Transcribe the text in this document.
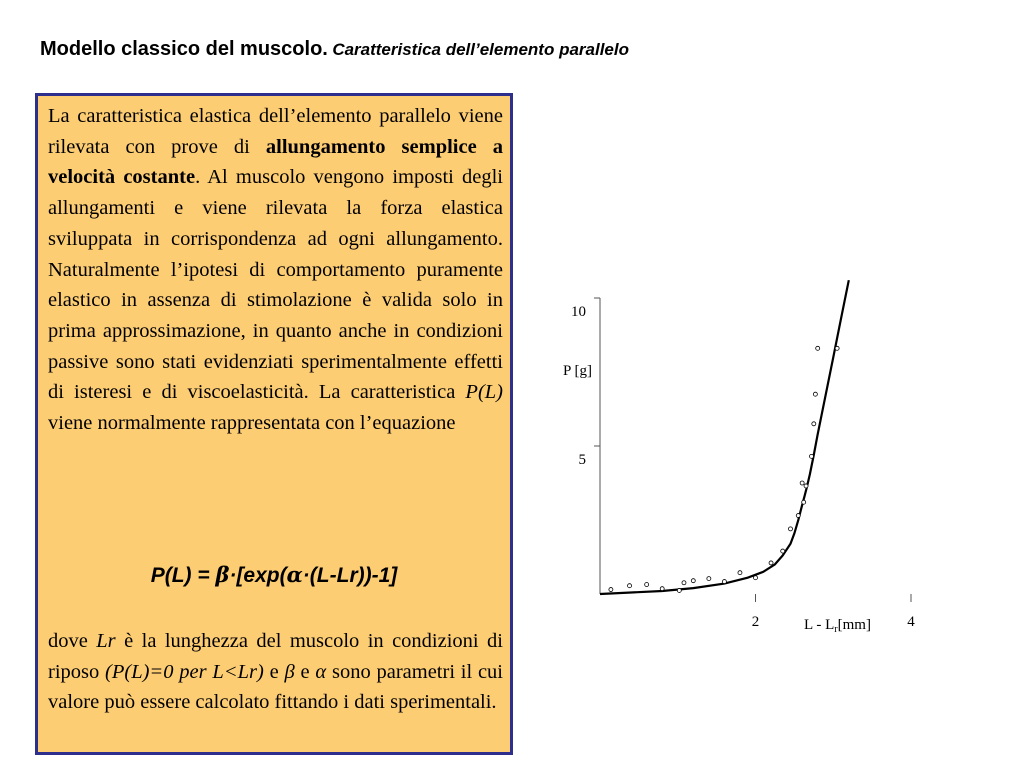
Modello classico del muscolo. Caratteristica dell’elemento parallelo

La caratteristica elastica dell’elemento parallelo viene rilevata con prove di allungamento semplice a velocità costante. Al muscolo vengono imposti degli allungamenti e viene rilevata la forza elastica sviluppata in corrispondenza ad ogni allungamento. Naturalmente l’ipotesi di comportamento puramente elastico in assenza di stimolazione è valida solo in prima approssimazione, in quanto anche in condizioni passive sono stati evidenziati sperimentalmente effetti di isteresi e di viscoelasticità. La caratteristica P(L) viene normalmente rappresentata con l’equazione

P(L) = β·[exp(α·(L-Lr))-1]

dove Lr è la lunghezza del muscolo in condizioni di riposo (P(L)=0 per L<Lr) e β e α sono parametri il cui valore può essere calcolato fittando i dati sperimentali.

5
10
2	4
P [g]
L - $L_r[mm]$
